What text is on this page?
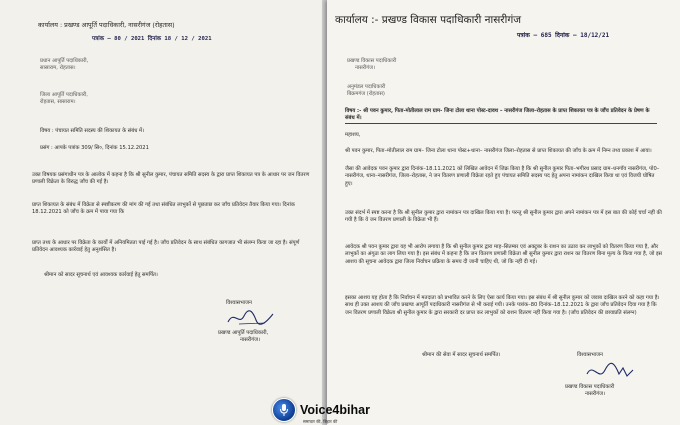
कार्यालय : प्रखण्ड आपूर्ति पदाधिकारी, नासरीगंज (रोहतास)
पत्रांक – 80 / 2021 दिनांक 18 / 12 / 2021
प्रधान आपूर्ति पदाधिकारी,
सासाराम, रोहतास।
जिला आपूर्ति पदाधिकारी,
रोहतास, सासाराम।
विषय : पंचायत समिति सदस्य की शिकायत के संबंध में।
प्रसंग : आपके पत्रांक 309/ सि०, दिनांक 15.12.2021
उक्त विषयक प्रसंगाधीन पत्र के आलोक में कहना है कि श्री सुनील कुमार, पंचायत समिति सदस्य के द्वारा प्राप्त शिकायत पत्र के आधार पर जन वितरण प्रणाली विक्रेता के विरुद्ध जाँच की गई है।
प्राप्त शिकायत के संबंध में विक्रेता से स्पष्टीकरण की मांग की गई तथा संबंधित लाभुकों से पूछताछ कर जाँच प्रतिवेदन तैयार किया गया। दिनांक 18.12.2021 को जाँच के क्रम में पाया गया कि
प्राप्त तथ्य के आधार पर विक्रेता के कार्यों में अनियमितता पाई गई है। जाँच प्रतिवेदन के साथ संबंधित कागजात भी संलग्न किया जा रहा है। संपूर्ण प्रतिवेदन आवश्यक कार्रवाई हेतु अनुशंसित है।
श्रीमान को सादर सूचनार्थ एवं आवश्यक कार्रवाई हेतु समर्पित।
विश्वासभाजन
प्रखण्ड आपूर्ति पदाधिकारी,
नासरीगंज।
कार्यालय :- प्रखण्ड विकास पदाधिकारी नासरीगंज
पत्रांक – 685 दिनांक – 18/12/21
प्रखण्ड विकास पदाधिकारी
नासरीगंज।
अनुमंडल पदाधिकारी
बिक्रमगंज (रोहतास)
विषय :- श्री पवन कुमार, पिता-मोतीलाल राम ग्राम- जिना टोला थाना पोस्ट-दावथ – नासरीगंज जिला–रोहतास के प्राप्त शिकायत पत्र के जाँच प्रतिवेदन के प्रेषण के संबंध में।
महाशय,
श्री पवन कुमार, पिता–मोतीलाल राम ग्राम– जिना टोला थाना पोस्ट+थाना– नासरीगंज जिला–रोहतास से प्राप्त शिकायत की जाँच के क्रम में निम्न तथ्य प्रकाश में आया।
जैसा की आवेदक पवन कुमार द्वारा दिनांक–18.11.2021 को लिखित आवेदन में जिक्र किया है कि श्री सुनील कुमार पिता–भगीरथ प्रसाद ग्राम–धनगाँव नासरीगंज, पो0– नासरीगंज, थाना–नासरीगंज, जिला–रोहतास, ने जन वितरण प्रणाली विक्रेता रहते हुए पंचायत समिति सदस्य पद हेतु अपना नामांकन दाखिल किया था एवं विजयी घोषित हुए।
उक्त संदर्भ में स्पष्ट करना है कि श्री सुनील कुमार द्वारा नामांकन पत्र दाखिल किया गया है। परन्तु श्री सुनील कुमार द्वारा अपने नामांकन पत्र में इस बात की कोई चर्चा नहीं की गयी है कि वे जन वितरण प्रणाली के विक्रेता भी हैं।
आवेदक श्री पवन कुमार द्वारा यह भी आरोप लगाया है कि श्री सुनील कुमार द्वारा माह–सितम्बर एवं अक्टूबर के राशन का उठाव कर लाभुकों को वितरण किया गया है, और लाभुकों का अंगूठा का लाग लिया गया है। इस संबंध में कहना है कि जन वितरण प्रणाली विक्रेता श्री सुनील कुमार द्वारा राशन का वितरण बिना मूल्य के किया गया है, जो इस आशय की सूचना आवेदक द्वारा जिला निर्वाचन प्रक्रिया के समय दी जानी चाहिए थी, जो कि नहीं दी गई।
इसका आशय यह होता है कि निर्वाचन में मतदाता को प्रभावित करने के लिए ऐसा कार्य किया गया। इस संबंध में श्री सुनील कुमार को जवाब दाखिल करने को कहा गया है। साथ ही उक्त आशय की जाँच प्रखण्ड आपूर्ति पदाधिकारी नासरीगंज से भी कराई गयी। उनके पत्रांक–80 दिनांक–18.12.2021 के द्वारा जाँच प्रतिवेदन दिया गया है कि जन वितरण प्रणाली विक्रेता श्री सुनील कुमार के द्वारा सरकारी दर प्राप्त कर लाभुकों को राशन वितरण नहीं किया गया है। (जाँच प्रतिवेदन की छायाप्रति संलग्न)
श्रीमान की सेवा में सादर सूचनार्थ समर्पित।	विश्वासभाजन
प्रखण्ड विकास पदाधिकारी
नासरीगंज।
Voice4bihar
समाचार की, बिहार की
